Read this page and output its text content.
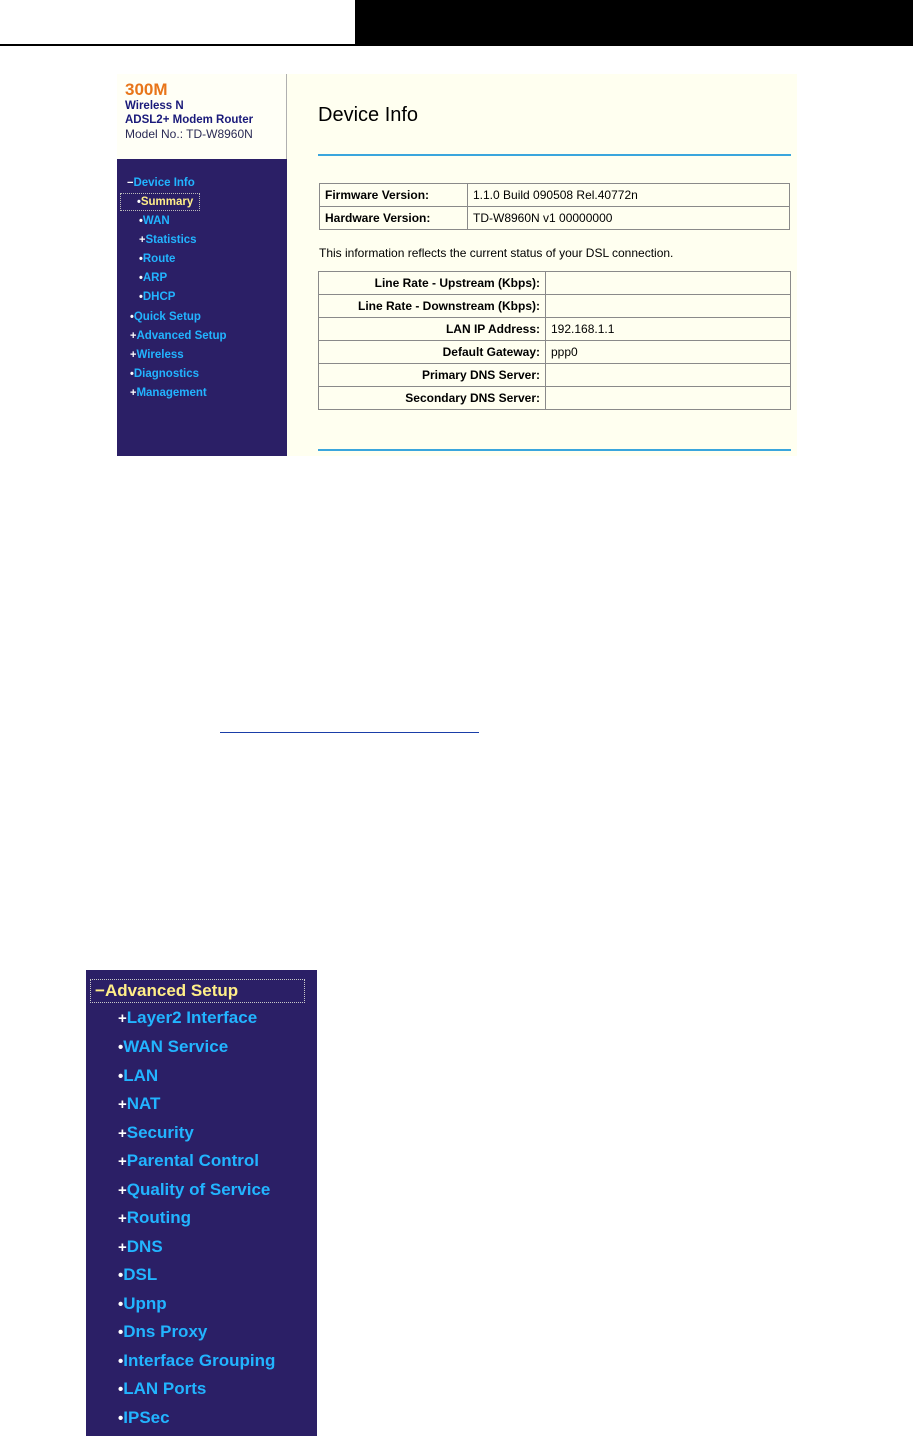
300M
Wireless N
ADSL2+ Modem Router
Model No.: TD-W8960N
−Device Info
•Summary
•WAN
+Statistics
•Route
•ARP
•DHCP
•Quick Setup
+Advanced Setup
+Wireless
•Diagnostics
+Management
Device Info
Firmware Version:	1.1.0 Build 090508 Rel.40772n
Hardware Version:	TD-W8960N v1 00000000
This information reflects the current status of your DSL connection.
Line Rate - Upstream (Kbps):	
Line Rate - Downstream (Kbps):	
LAN IP Address:	192.168.1.1
Default Gateway:	ppp0
Primary DNS Server:	
Secondary DNS Server:	
−Advanced Setup
+Layer2 Interface
•WAN Service
•LAN
+NAT
+Security
+Parental Control
+Quality of Service
+Routing
+DNS
•DSL
•Upnp
•Dns Proxy
•Interface Grouping
•LAN Ports
•IPSec
